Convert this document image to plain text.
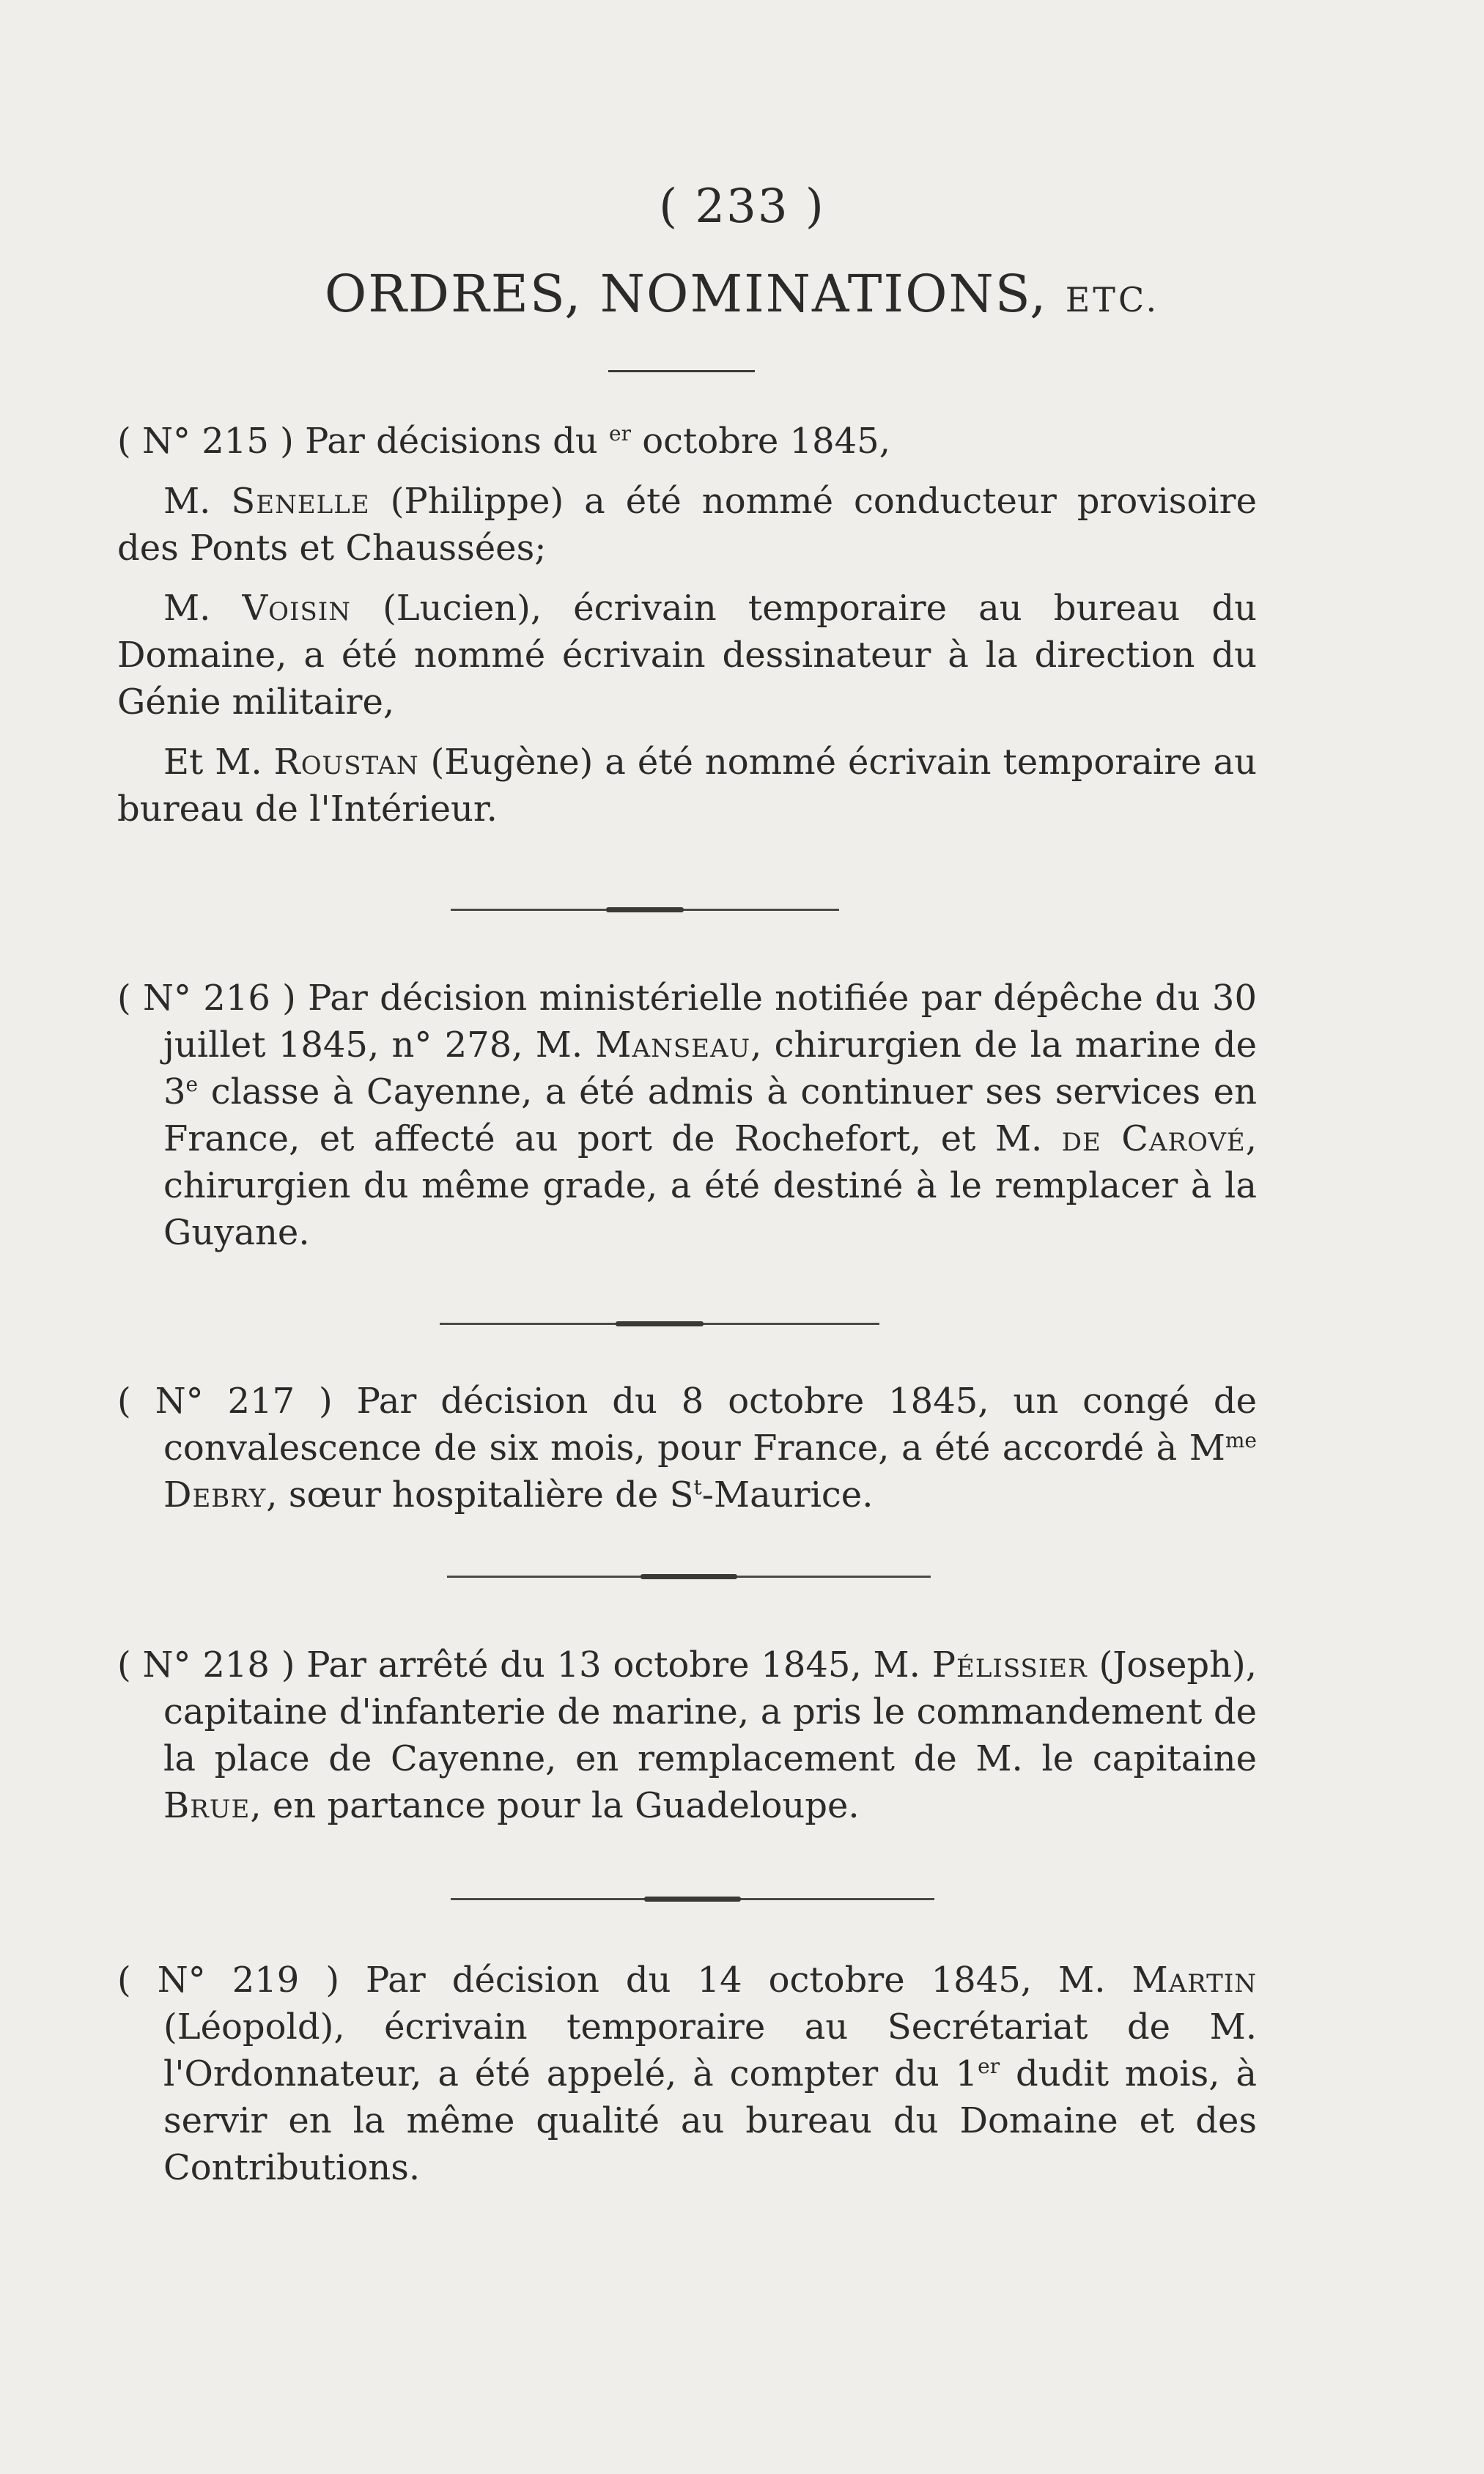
( 233 )
ORDRES, NOMINATIONS, ETC.

( N° 215 ) Par décisions du $^{er}$ octobre 1845,

M. Senelle (Philippe) a été nommé conducteur provisoire des Ponts et Chaussées;

M. Voisin (Lucien), écrivain temporaire au bureau du Domaine, a été nommé écrivain dessinateur à la direction du Génie militaire,

Et M. Roustan (Eugène) a été nommé écrivain temporaire au bureau de l'Intérieur.

( N° 216 ) Par décision ministérielle notifiée par dépêche du 30 juillet 1845, n° 278, M. Manseau, chirurgien de la marine de 3e classe à Cayenne, a été admis à continuer ses services en France, et affecté au port de Rochefort, et M. de Carové, chirurgien du même grade, a été destiné à le remplacer à la Guyane.

( N° 217 ) Par décision du 8 octobre 1845, un congé de convalescence de six mois, pour France, a été accordé à $M^{me}$ Debry, sœur hospitalière de $S^t$-Maurice.

( N° 218 ) Par arrêté du 13 octobre 1845, M. Pélissier (Joseph), capitaine d'infanterie de marine, a pris le commandement de la place de Cayenne, en remplacement de M. le capitaine Brue, en partance pour la Guadeloupe.

( N° 219 ) Par décision du 14 octobre 1845, M. Martin (Léopold), écrivain temporaire au Secrétariat de M. l'Ordonnateur, a été appelé, à compter du 1er dudit mois, à servir en la même qualité au bureau du Domaine et des Contributions.
